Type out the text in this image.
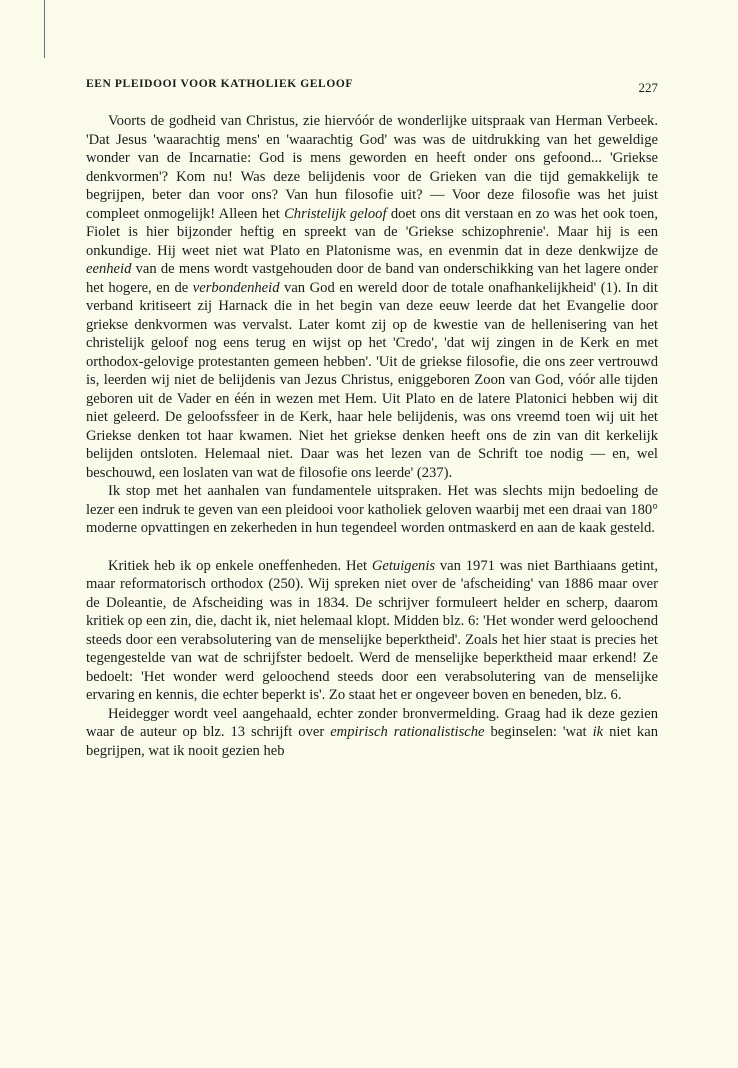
EEN PLEIDOOI VOOR KATHOLIEK GELOOF	227

Voorts de godheid van Christus, zie hiervóór de wonderlijke uitspraak van Herman Verbeek. 'Dat Jesus 'waarachtig mens' en 'waarachtig God' was was de uitdrukking van het geweldige wonder van de Incarnatie: God is mens geworden en heeft onder ons gefoond... 'Griekse denkvormen'? Kom nu! Was deze belijdenis voor de Grieken van die tijd gemakkelijk te begrijpen, beter dan voor ons? Van hun filosofie uit? — Voor deze filosofie was het juist compleet onmogelijk! Alleen het Christelijk geloof doet ons dit verstaan en zo was het ook toen, Fiolet is hier bijzonder heftig en spreekt van de 'Griekse schizophrenie'. Maar hij is een onkundige. Hij weet niet wat Plato en Platonisme was, en evenmin dat in deze denkwijze de eenheid van de mens wordt vastgehouden door de band van onderschikking van het lagere onder het hogere, en de verbondenheid van God en wereld door de totale onafhankelijkheid' (1). In dit verband kritiseert zij Harnack die in het begin van deze eeuw leerde dat het Evangelie door griekse denkvormen was vervalst. Later komt zij op de kwestie van de hellenisering van het christelijk geloof nog eens terug en wijst op het 'Credo', 'dat wij zingen in de Kerk en met orthodox-gelovige protestanten gemeen hebben'. 'Uit de griekse filosofie, die ons zeer vertrouwd is, leerden wij niet de belijdenis van Jezus Christus, eniggeboren Zoon van God, vóór alle tijden geboren uit de Vader en één in wezen met Hem. Uit Plato en de latere Platonici hebben wij dit niet geleerd. De geloofssfeer in de Kerk, haar hele belijdenis, was ons vreemd toen wij uit het Griekse denken tot haar kwamen. Niet het griekse denken heeft ons de zin van dit kerkelijk belijden ontsloten. Helemaal niet. Daar was het lezen van de Schrift toe nodig — en, wel beschouwd, een loslaten van wat de filosofie ons leerde' (237).

Ik stop met het aanhalen van fundamentele uitspraken. Het was slechts mijn bedoeling de lezer een indruk te geven van een pleidooi voor katholiek geloven waarbij met een draai van 180° moderne opvattingen en zekerheden in hun tegendeel worden ontmaskerd en aan de kaak gesteld.

Kritiek heb ik op enkele oneffenheden. Het Getuigenis van 1971 was niet Barthiaans getint, maar reformatorisch orthodox (250). Wij spreken niet over de 'afscheiding' van 1886 maar over de Doleantie, de Afscheiding was in 1834. De schrijver formuleert helder en scherp, daarom kritiek op een zin, die, dacht ik, niet helemaal klopt. Midden blz. 6: 'Het wonder werd geloochend steeds door een verabsolutering van de menselijke beperktheid'. Zoals het hier staat is precies het tegengestelde van wat de schrijfster bedoelt. Werd de menselijke beperktheid maar erkend! Ze bedoelt: 'Het wonder werd geloochend steeds door een verabsolutering van de menselijke ervaring en kennis, die echter beperkt is'. Zo staat het er ongeveer boven en beneden, blz. 6.

Heidegger wordt veel aangehaald, echter zonder bronvermelding. Graag had ik deze gezien waar de auteur op blz. 13 schrijft over empirisch rationalistische beginselen: 'wat ik niet kan begrijpen, wat ik nooit gezien heb
